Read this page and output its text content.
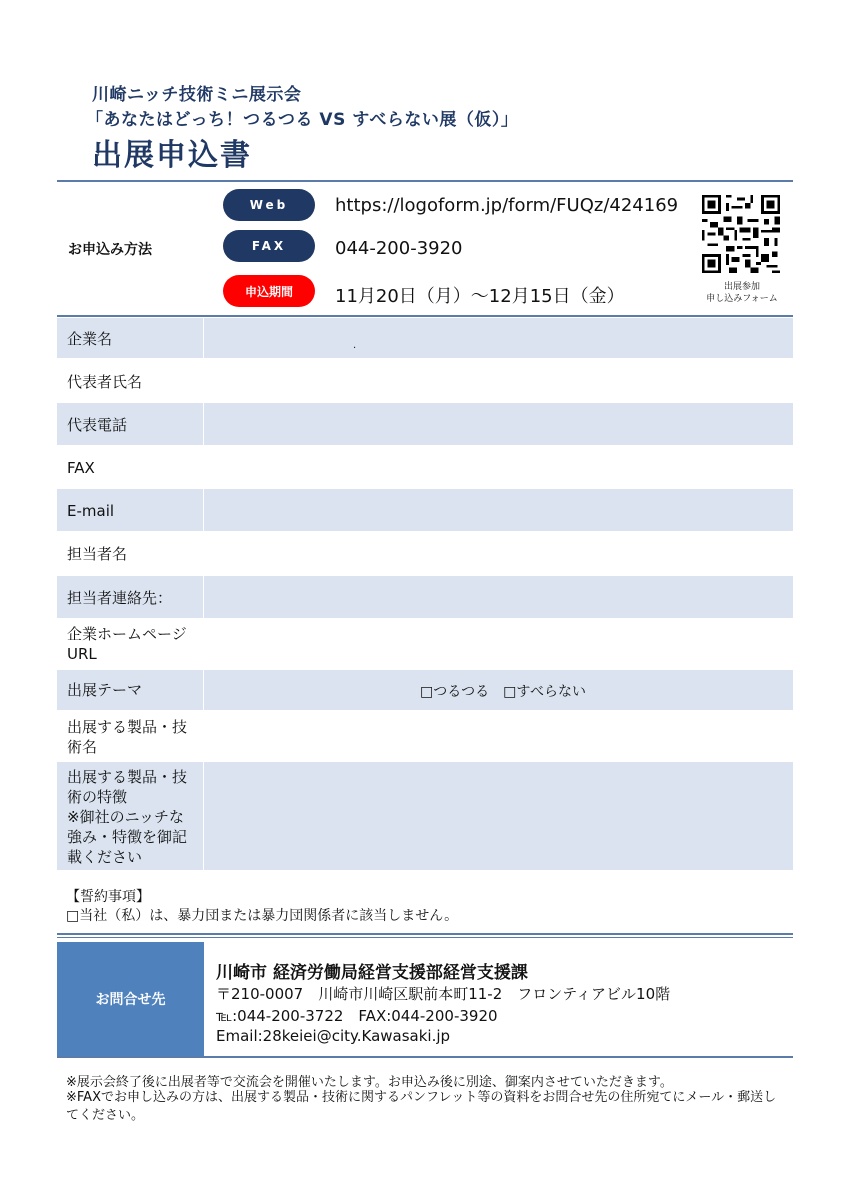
川崎ニッチ技術ミニ展示会
「あなたはどっち！つるつる VS すべらない展（仮）」
出展申込書
お申込み方法
Web	https://logoform.jp/form/FUQz/424169
FAX	044-200-3920
申込期間	11月20日（月）～12月15日（金）	出展参加
申し込みフォーム
企業名	.
代表者氏名
代表電話
FAX
E-mail
担当者名
担当者連絡先：
企業ホームページ
URL
出展テーマ	□つるつる　□すべらない
出展する製品・技
術名
出展する製品・技
術の特徴
※御社のニッチな
強み・特徴を御記
載ください
【誓約事項】
□当社（私）は、暴力団または暴力団関係者に該当しません。
お問合せ先
川崎市 経済労働局経営支援部経営支援課
〒210-0007　川崎市川崎区駅前本町11-2　フロンティアビル10階
℡:044-200-3722　FAX:044-200-3920
Email:28keiei@city.Kawasaki.jp
※展示会終了後に出展者等で交流会を開催いたします。お申込み後に別途、御案内させていただきます。
※FAXでお申し込みの方は、出展する製品・技術に関するパンフレット等の資料をお問合せ先の住所宛てにメール・郵送してください。
